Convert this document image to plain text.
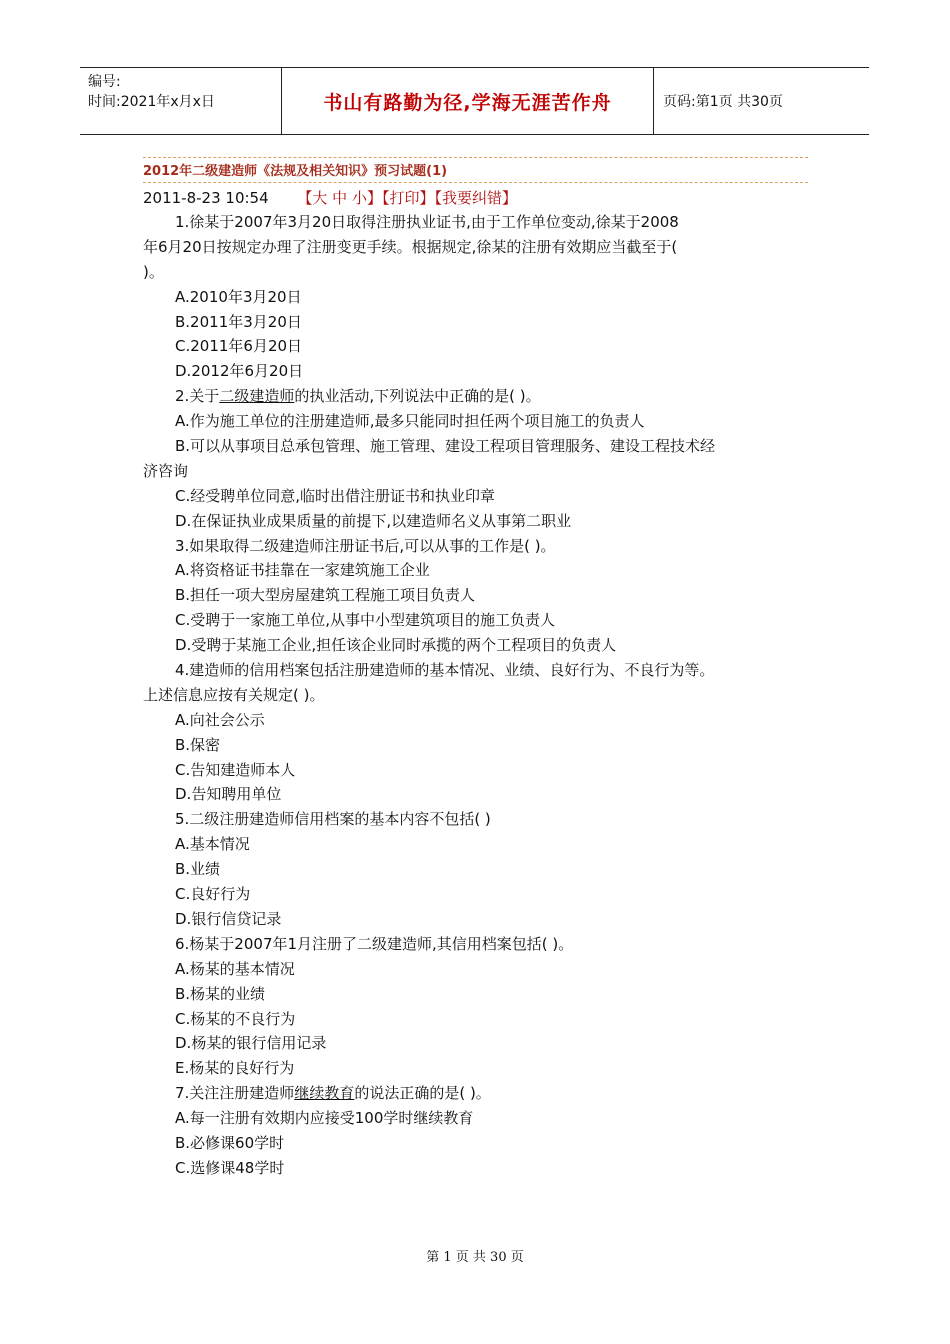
编号:
时间:2021年x月x日	书山有路勤为径,学海无涯苦作舟	页码:第1页 共30页
2012年二级建造师《法规及相关知识》预习试题(1)
2011-8-23 10:54 【大 中 小】【打印】【我要纠错】
1.徐某于2007年3月20日取得注册执业证书,由于工作单位变动,徐某于2008
年6月20日按规定办理了注册变更手续。根据规定,徐某的注册有效期应当截至于(
)。
A.2010年3月20日
B.2011年3月20日
C.2011年6月20日
D.2012年6月20日
2.关于二级建造师的执业活动,下列说法中正确的是( )。
A.作为施工单位的注册建造师,最多只能同时担任两个项目施工的负责人
B.可以从事项目总承包管理、施工管理、建设工程项目管理服务、建设工程技术经
济咨询
C.经受聘单位同意,临时出借注册证书和执业印章
D.在保证执业成果质量的前提下,以建造师名义从事第二职业
3.如果取得二级建造师注册证书后,可以从事的工作是( )。
A.将资格证书挂靠在一家建筑施工企业
B.担任一项大型房屋建筑工程施工项目负责人
C.受聘于一家施工单位,从事中小型建筑项目的施工负责人
D.受聘于某施工企业,担任该企业同时承揽的两个工程项目的负责人
4.建造师的信用档案包括注册建造师的基本情况、业绩、良好行为、不良行为等。
上述信息应按有关规定( )。
A.向社会公示
B.保密
C.告知建造师本人
D.告知聘用单位
5.二级注册建造师信用档案的基本内容不包括( )
A.基本情况
B.业绩
C.良好行为
D.银行信贷记录
6.杨某于2007年1月注册了二级建造师,其信用档案包括( )。
A.杨某的基本情况
B.杨某的业绩
C.杨某的不良行为
D.杨某的银行信用记录
E.杨某的良好行为
7.关注注册建造师继续教育的说法正确的是( )。
A.每一注册有效期内应接受100学时继续教育
B.必修课60学时
C.选修课48学时
第 1 页 共 30 页
